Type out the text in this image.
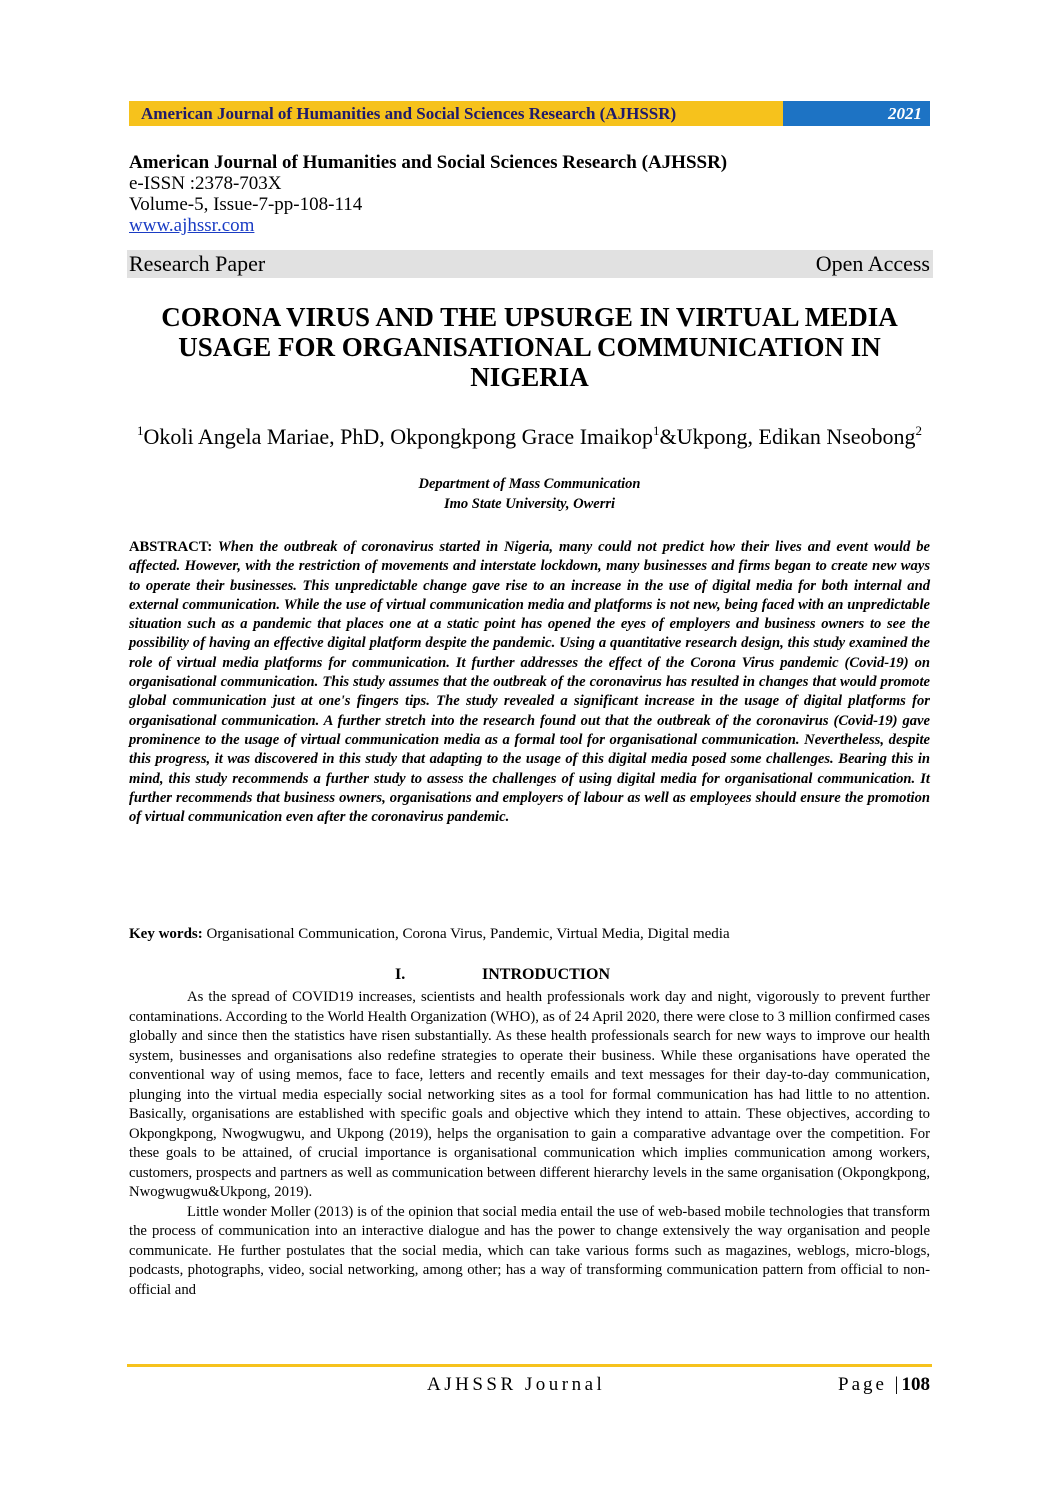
American Journal of Humanities and Social Sciences Research (AJHSSR)	2021
American Journal of Humanities and Social Sciences Research (AJHSSR)
e-ISSN :2378-703X
Volume-5, Issue-7-pp-108-114
www.ajhssr.com
Research Paper	Open Access
CORONA VIRUS AND THE UPSURGE IN VIRTUAL MEDIA USAGE FOR ORGANISATIONAL COMMUNICATION IN NIGERIA
$^1$Okoli Angela Mariae, PhD, Okpongkpong Grace Imaikop$^1$&Ukpong, Edikan Nseobong$^2$
Department of Mass Communication
Imo State University, Owerri
ABSTRACT: When the outbreak of coronavirus started in Nigeria, many could not predict how their lives and event would be affected. However, with the restriction of movements and interstate lockdown, many businesses and firms began to create new ways to operate their businesses. This unpredictable change gave rise to an increase in the use of digital media for both internal and external communication. While the use of virtual communication media and platforms is not new, being faced with an unpredictable situation such as a pandemic that places one at a static point has opened the eyes of employers and business owners to see the possibility of having an effective digital platform despite the pandemic. Using a quantitative research design, this study examined the role of virtual media platforms for communication. It further addresses the effect of the Corona Virus pandemic (Covid-19) on organisational communication. This study assumes that the outbreak of the coronavirus has resulted in changes that would promote global communication just at one's fingers tips. The study revealed a significant increase in the usage of digital platforms for organisational communication. A further stretch into the research found out that the outbreak of the coronavirus (Covid-19) gave prominence to the usage of virtual communication media as a formal tool for organisational communication. Nevertheless, despite this progress, it was discovered in this study that adapting to the usage of this digital media posed some challenges. Bearing this in mind, this study recommends a further study to assess the challenges of using digital media for organisational communication. It further recommends that business owners, organisations and employers of labour as well as employees should ensure the promotion of virtual communication even after the coronavirus pandemic.
Key words: Organisational Communication, Corona Virus, Pandemic, Virtual Media, Digital media
I.	INTRODUCTION

As the spread of COVID19 increases, scientists and health professionals work day and night, vigorously to prevent further contaminations. According to the World Health Organization (WHO), as of 24 April 2020, there were close to 3 million confirmed cases globally and since then the statistics have risen substantially. As these health professionals search for new ways to improve our health system, businesses and organisations also redefine strategies to operate their business. While these organisations have operated the conventional way of using memos, face to face, letters and recently emails and text messages for their day-to-day communication, plunging into the virtual media especially social networking sites as a tool for formal communication has had little to no attention. Basically, organisations are established with specific goals and objective which they intend to attain. These objectives, according to Okpongkpong, Nwogwugwu, and Ukpong (2019), helps the organisation to gain a comparative advantage over the competition. For these goals to be attained, of crucial importance is organisational communication which implies communication among workers, customers, prospects and partners as well as communication between different hierarchy levels in the same organisation (Okpongkpong, Nwogwugwu&Ukpong, 2019).

Little wonder Moller (2013) is of the opinion that social media entail the use of web-based mobile technologies that transform the process of communication into an interactive dialogue and has the power to change extensively the way organisation and people communicate. He further postulates that the social media, which can take various forms such as magazines, weblogs, micro-blogs, podcasts, photographs, video, social networking, among other; has a way of transforming communication pattern from official to non-official and

AJHSSR Journal	Page |108
